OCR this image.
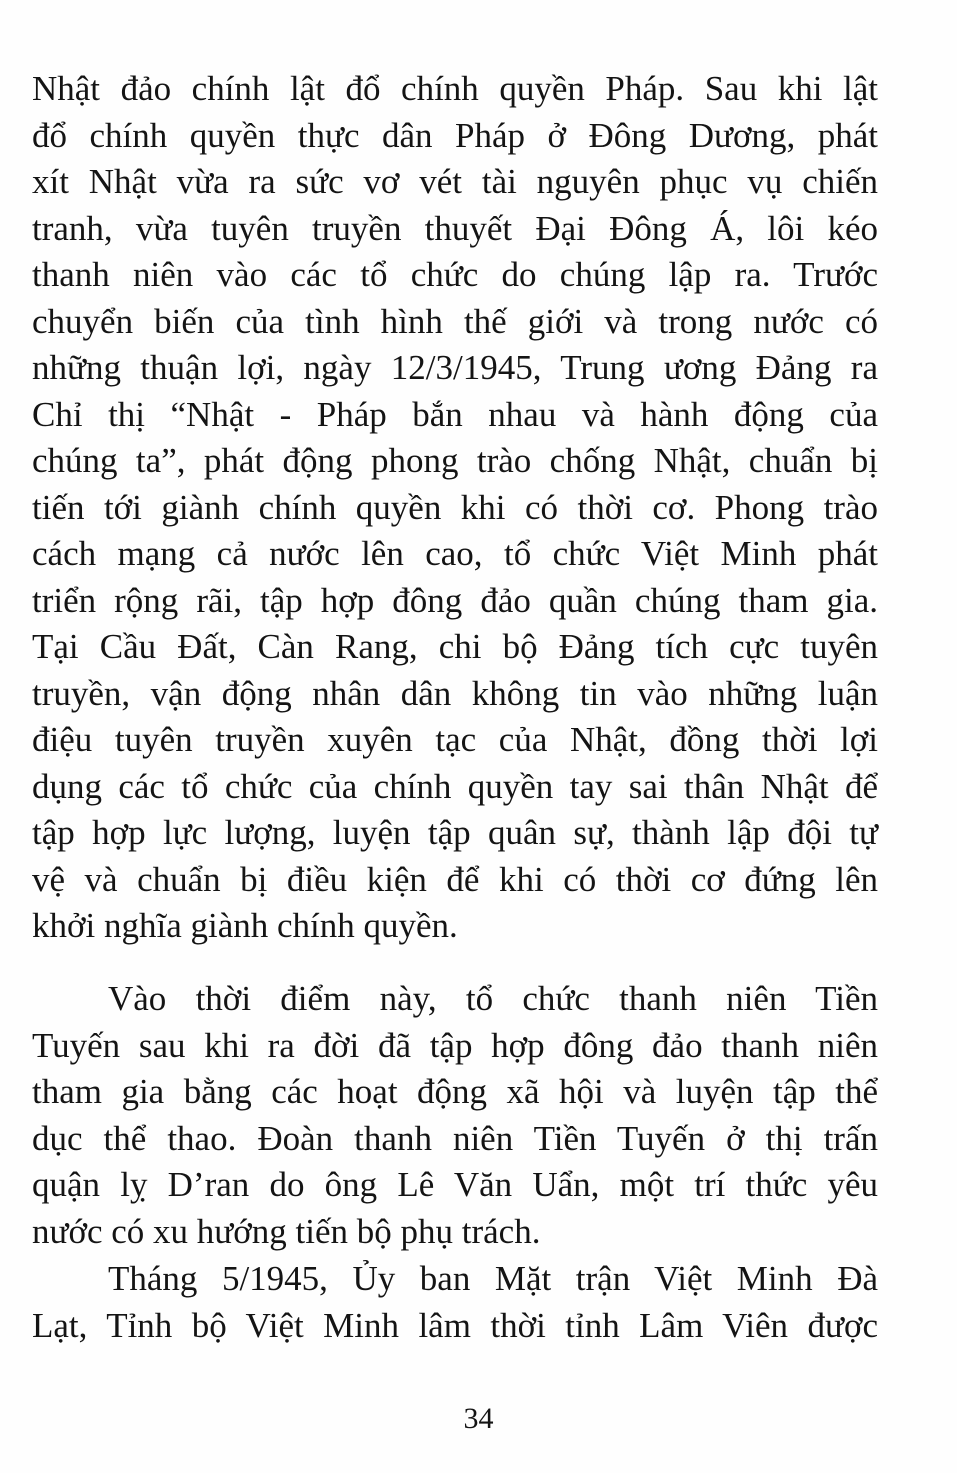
Nhật đảo chính lật đổ chính quyền Pháp. Sau khi lật
đổ chính quyền thực dân Pháp ở Đông Dương, phát
xít Nhật vừa ra sức vơ vét tài nguyên phục vụ chiến
tranh, vừa tuyên truyền thuyết Đại Đông Á, lôi kéo
thanh niên vào các tổ chức do chúng lập ra. Trước
chuyển biến của tình hình thế giới và trong nước có
những thuận lợi, ngày 12/3/1945, Trung ương Đảng ra
Chỉ thị “Nhật - Pháp bắn nhau và hành động của
chúng ta”, phát động phong trào chống Nhật, chuẩn bị
tiến tới giành chính quyền khi có thời cơ. Phong trào
cách mạng cả nước lên cao, tổ chức Việt Minh phát
triển rộng rãi, tập hợp đông đảo quần chúng tham gia.
Tại Cầu Đất, Càn Rang, chi bộ Đảng tích cực tuyên
truyền, vận động nhân dân không tin vào những luận
điệu tuyên truyền xuyên tạc của Nhật, đồng thời lợi
dụng các tổ chức của chính quyền tay sai thân Nhật để
tập hợp lực lượng, luyện tập quân sự, thành lập đội tự
vệ và chuẩn bị điều kiện để khi có thời cơ đứng lên
khởi nghĩa giành chính quyền.
Vào thời điểm này, tổ chức thanh niên Tiền
Tuyến sau khi ra đời đã tập hợp đông đảo thanh niên
tham gia bằng các hoạt động xã hội và luyện tập thể
dục thể thao. Đoàn thanh niên Tiền Tuyến ở thị trấn
quận lỵ D’ran do ông Lê Văn Uẩn, một trí thức yêu
nước có xu hướng tiến bộ phụ trách.
Tháng 5/1945, Ủy ban Mặt trận Việt Minh Đà
Lạt, Tỉnh bộ Việt Minh lâm thời tỉnh Lâm Viên được
34
